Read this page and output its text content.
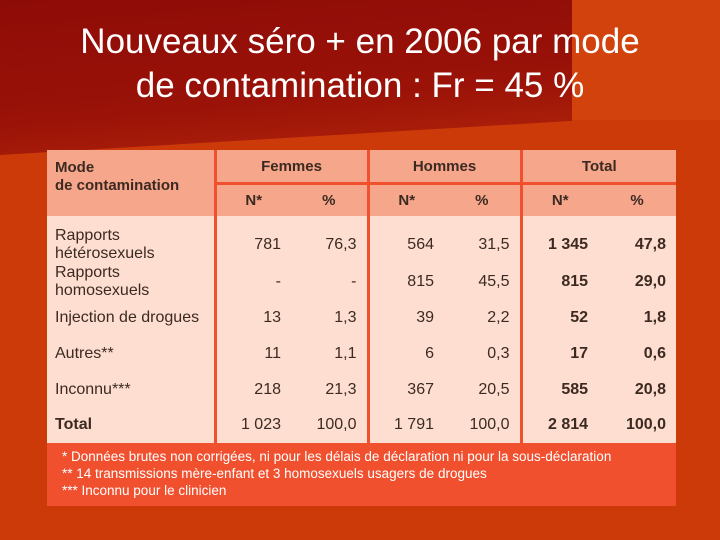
Nouveaux séro + en 2006 par mode
de contamination : Fr = 45 %
Mode
de contamination	Femmes		Hommes		Total	
	N*	%	N*	%	N*	%
Rapports hétérosexuels	781	76,3	564	31,5	1 345	47,8
Rapports homosexuels	-	-	815	45,5	815	29,0
Injection de drogues	13	1,3	39	2,2	52	1,8
Autres**	11	1,1	6	0,3	17	0,6
Inconnu***	218	21,3	367	20,5	585	20,8
Total	1 023	100,0	1 791	100,0	2 814	100,0
* Données brutes non corrigées, ni pour les délais de déclaration ni pour la sous-déclaration
** 14 transmissions mère-enfant et 3 homosexuels usagers de drogues
*** Inconnu pour le clinicien
